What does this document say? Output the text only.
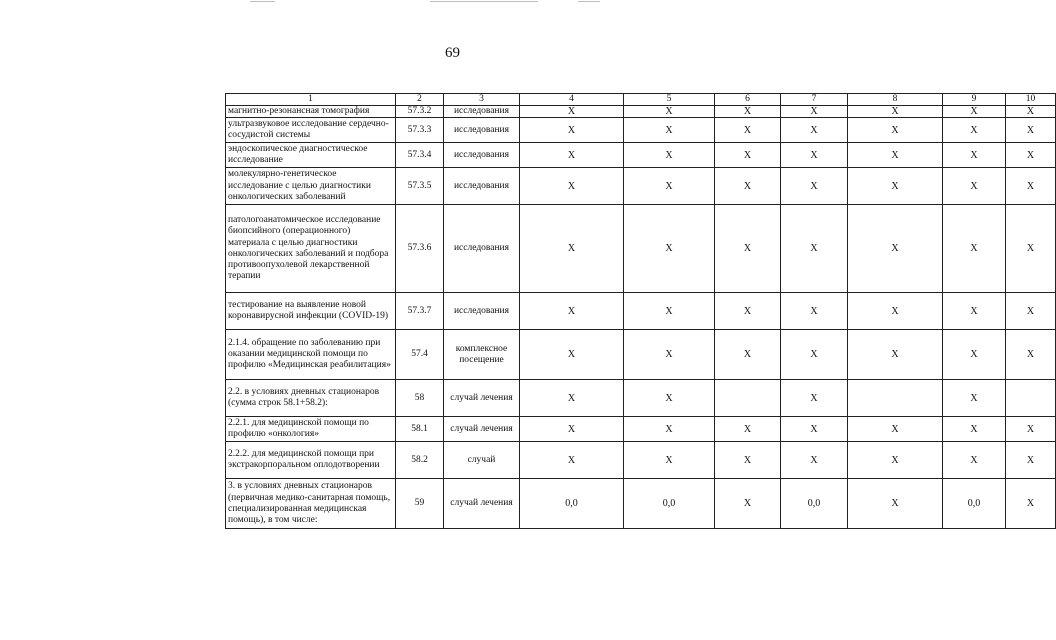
69
1	2	3	4	5	6	7	8	9	10
магнитно-резонансная томография	57.3.2	исследования	Х	Х	Х	Х	Х	Х	Х
ультразвуковое исследование сердечно-сосудистой системы	57.3.3	исследования	Х	Х	Х	Х	Х	Х	Х
эндоскопическое диагностическое исследование	57.3.4	исследования	Х	Х	Х	Х	Х	Х	Х
молекулярно-генетическое исследование с целью диагностики онкологических заболеваний	57.3.5	исследования	Х	Х	Х	Х	Х	Х	Х
патологоанатомическое исследование биопсийного (операционного) материала с целью диагностики онкологических заболеваний и подбора противоопухолевой лекарственной терапии	57.3.6	исследования	Х	Х	Х	Х	Х	Х	Х
тестирование на выявление новой коронавирусной инфекции (COVID-19)	57.3.7	исследования	Х	Х	Х	Х	Х	Х	Х
2.1.4. обращение по заболеванию при оказании медицинской помощи по профилю «Медицинская реабилитация»	57.4	комплексное посещение	Х	Х	Х	Х	Х	Х	Х
2.2. в условиях дневных стационаров (сумма строк 58.1+58.2):	58	случай лечения	Х	Х		Х		Х	
2.2.1. для медицинской помощи по профилю «онкология»	58.1	случай лечения	Х	Х	Х	Х	Х	Х	Х
2.2.2. для медицинской помощи при экстракорпоральном оплодотворении	58.2	случай	Х	Х	Х	Х	Х	Х	Х
3. в условиях дневных стационаров (первичная медико-санитарная помощь, специализированная медицинская помощь), в том числе:	59	случай лечения	0,0	0,0	Х	0,0	Х	0,0	Х
